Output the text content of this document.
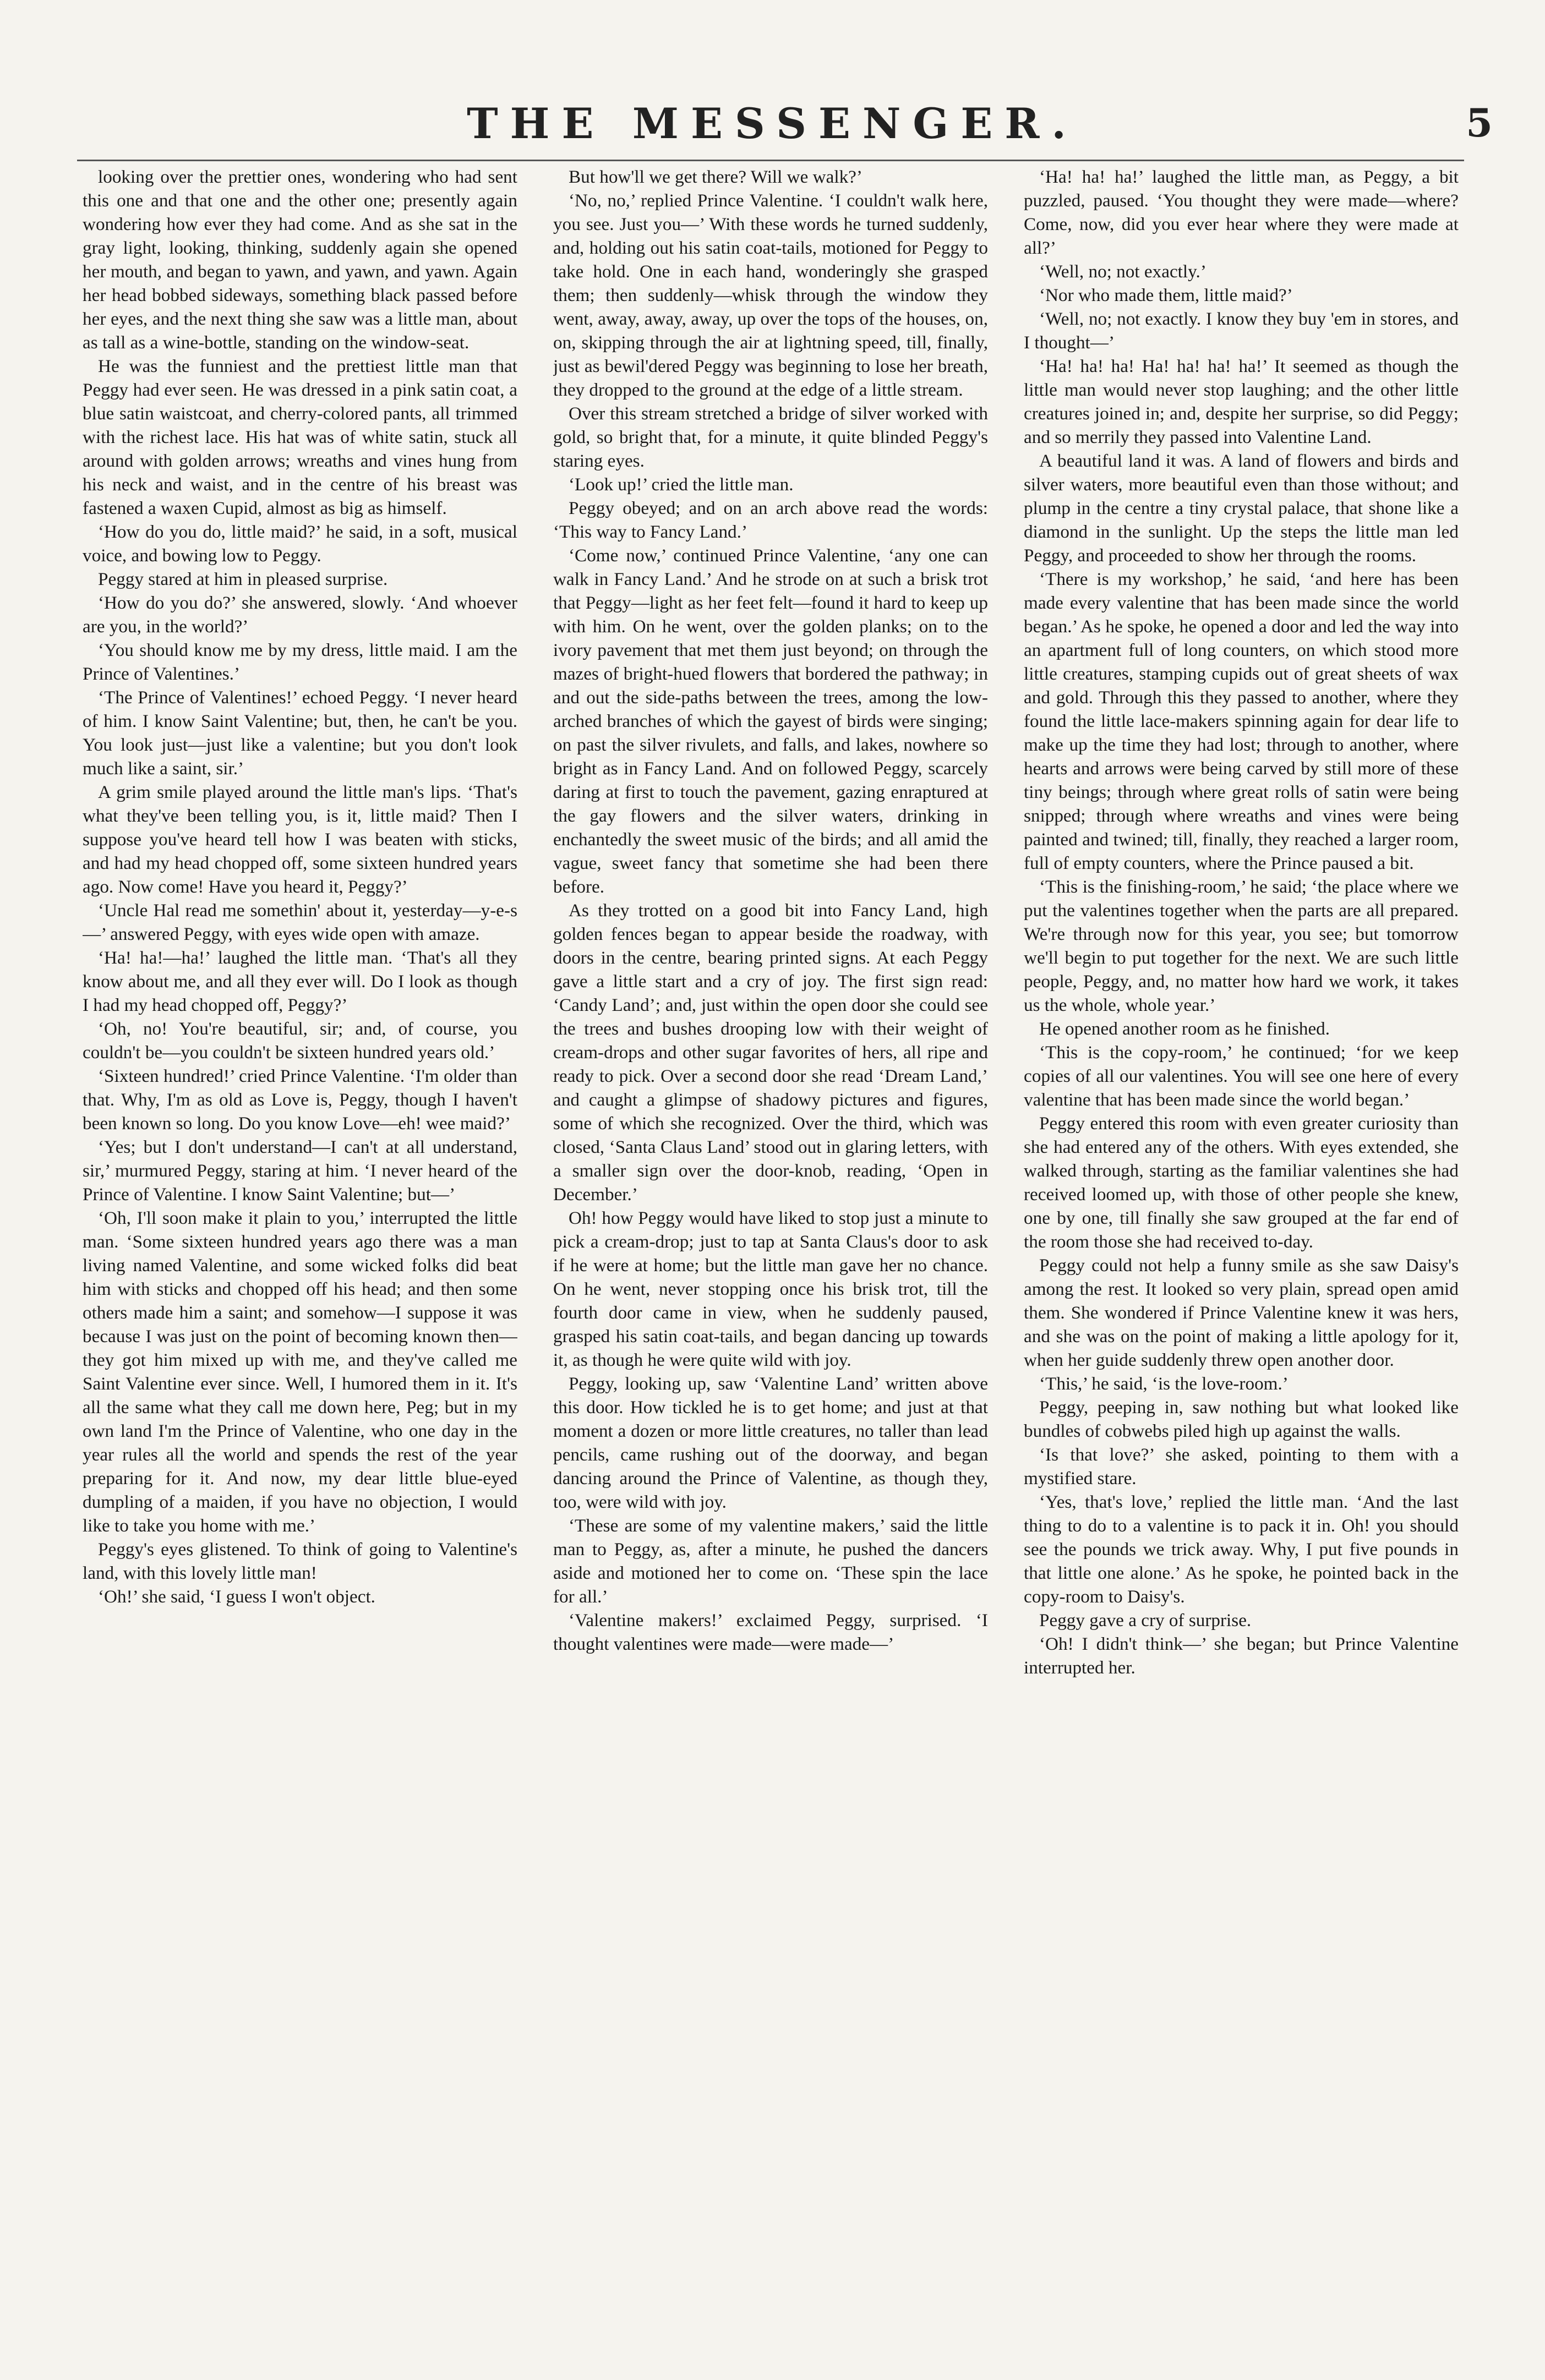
THE MESSENGER.	5

looking over the prettier ones, wondering who had sent this one and that one and the other one; presently again wondering how ever they had come. And as she sat in the gray light, looking, thinking, suddenly again she opened her mouth, and began to yawn, and yawn, and yawn. Again her head bobbed sideways, something black passed before her eyes, and the next thing she saw was a little man, about as tall as a wine-bottle, standing on the window-seat.

He was the funniest and the prettiest little man that Peggy had ever seen. He was dressed in a pink satin coat, a blue satin waistcoat, and cherry-colored pants, all trimmed with the richest lace. His hat was of white satin, stuck all around with golden arrows; wreaths and vines hung from his neck and waist, and in the centre of his breast was fastened a waxen Cupid, almost as big as himself.

‘How do you do, little maid?’ he said, in a soft, musical voice, and bowing low to Peggy.

Peggy stared at him in pleased surprise.

‘How do you do?’ she answered, slowly. ‘And whoever are you, in the world?’

‘You should know me by my dress, little maid. I am the Prince of Valentines.’

‘The Prince of Valentines!’ echoed Peggy. ‘I never heard of him. I know Saint Valentine; but, then, he can't be you. You look just—just like a valentine; but you don't look much like a saint, sir.’

A grim smile played around the little man's lips. ‘That's what they've been telling you, is it, little maid? Then I suppose you've heard tell how I was beaten with sticks, and had my head chopped off, some sixteen hundred years ago. Now come! Have you heard it, Peggy?’

‘Uncle Hal read me somethin' about it, yesterday—y-e-s—’ answered Peggy, with eyes wide open with amaze.

‘Ha! ha!—ha!’ laughed the little man. ‘That's all they know about me, and all they ever will. Do I look as though I had my head chopped off, Peggy?’

‘Oh, no! You're beautiful, sir; and, of course, you couldn't be—you couldn't be sixteen hundred years old.’

‘Sixteen hundred!’ cried Prince Valentine. ‘I'm older than that. Why, I'm as old as Love is, Peggy, though I haven't been known so long. Do you know Love—eh! wee maid?’

‘Yes; but I don't understand—I can't at all understand, sir,’ murmured Peggy, staring at him. ‘I never heard of the Prince of Valentine. I know Saint Valentine; but—’

‘Oh, I'll soon make it plain to you,’ interrupted the little man. ‘Some sixteen hundred years ago there was a man living named Valentine, and some wicked folks did beat him with sticks and chopped off his head; and then some others made him a saint; and somehow—I suppose it was because I was just on the point of becoming known then—they got him mixed up with me, and they've called me Saint Valentine ever since. Well, I humored them in it. It's all the same what they call me down here, Peg; but in my own land I'm the Prince of Valentine, who one day in the year rules all the world and spends the rest of the year preparing for it. And now, my dear little blue-eyed dumpling of a maiden, if you have no objection, I would like to take you home with me.’

Peggy's eyes glistened. To think of going to Valentine's land, with this lovely little man!

‘Oh!’ she said, ‘I guess I won't object.

But how'll we get there? Will we walk?’

‘No, no,’ replied Prince Valentine. ‘I couldn't walk here, you see. Just you—’ With these words he turned suddenly, and, holding out his satin coat-tails, motioned for Peggy to take hold. One in each hand, wonderingly she grasped them; then suddenly—whisk through the window they went, away, away, away, up over the tops of the houses, on, on, skipping through the air at lightning speed, till, finally, just as bewil'dered Peggy was beginning to lose her breath, they dropped to the ground at the edge of a little stream.

Over this stream stretched a bridge of silver worked with gold, so bright that, for a minute, it quite blinded Peggy's staring eyes.

‘Look up!’ cried the little man.

Peggy obeyed; and on an arch above read the words: ‘This way to Fancy Land.’

‘Come now,’ continued Prince Valentine, ‘any one can walk in Fancy Land.’ And he strode on at such a brisk trot that Peggy—light as her feet felt—found it hard to keep up with him. On he went, over the golden planks; on to the ivory pavement that met them just beyond; on through the mazes of bright-hued flowers that bordered the pathway; in and out the side-paths between the trees, among the low-arched branches of which the gayest of birds were singing; on past the silver rivulets, and falls, and lakes, nowhere so bright as in Fancy Land. And on followed Peggy, scarcely daring at first to touch the pavement, gazing enraptured at the gay flowers and the silver waters, drinking in enchantedly the sweet music of the birds; and all amid the vague, sweet fancy that sometime she had been there before.

As they trotted on a good bit into Fancy Land, high golden fences began to appear beside the roadway, with doors in the centre, bearing printed signs. At each Peggy gave a little start and a cry of joy. The first sign read: ‘Candy Land’; and, just within the open door she could see the trees and bushes drooping low with their weight of cream-drops and other sugar favorites of hers, all ripe and ready to pick. Over a second door she read ‘Dream Land,’ and caught a glimpse of shadowy pictures and figures, some of which she recognized. Over the third, which was closed, ‘Santa Claus Land’ stood out in glaring letters, with a smaller sign over the door-knob, reading, ‘Open in December.’

Oh! how Peggy would have liked to stop just a minute to pick a cream-drop; just to tap at Santa Claus's door to ask if he were at home; but the little man gave her no chance. On he went, never stopping once his brisk trot, till the fourth door came in view, when he suddenly paused, grasped his satin coat-tails, and began dancing up towards it, as though he were quite wild with joy.

Peggy, looking up, saw ‘Valentine Land’ written above this door. How tickled he is to get home; and just at that moment a dozen or more little creatures, no taller than lead pencils, came rushing out of the doorway, and began dancing around the Prince of Valentine, as though they, too, were wild with joy.

‘These are some of my valentine makers,’ said the little man to Peggy, as, after a minute, he pushed the dancers aside and motioned her to come on. ‘These spin the lace for all.’

‘Valentine makers!’ exclaimed Peggy, surprised. ‘I thought valentines were made—were made—’

‘Ha! ha! ha!’ laughed the little man, as Peggy, a bit puzzled, paused. ‘You thought they were made—where? Come, now, did you ever hear where they were made at all?’

‘Well, no; not exactly.’

‘Nor who made them, little maid?’

‘Well, no; not exactly. I know they buy 'em in stores, and I thought—’

‘Ha! ha! ha! Ha! ha! ha! ha!’ It seemed as though the little man would never stop laughing; and the other little creatures joined in; and, despite her surprise, so did Peggy; and so merrily they passed into Valentine Land.

A beautiful land it was. A land of flowers and birds and silver waters, more beautiful even than those without; and plump in the centre a tiny crystal palace, that shone like a diamond in the sunlight. Up the steps the little man led Peggy, and proceeded to show her through the rooms.

‘There is my workshop,’ he said, ‘and here has been made every valentine that has been made since the world began.’ As he spoke, he opened a door and led the way into an apartment full of long counters, on which stood more little creatures, stamping cupids out of great sheets of wax and gold. Through this they passed to another, where they found the little lace-makers spinning again for dear life to make up the time they had lost; through to another, where hearts and arrows were being carved by still more of these tiny beings; through where great rolls of satin were being snipped; through where wreaths and vines were being painted and twined; till, finally, they reached a larger room, full of empty counters, where the Prince paused a bit.

‘This is the finishing-room,’ he said; ‘the place where we put the valentines together when the parts are all prepared. We're through now for this year, you see; but tomorrow we'll begin to put together for the next. We are such little people, Peggy, and, no matter how hard we work, it takes us the whole, whole year.’

He opened another room as he finished.

‘This is the copy-room,’ he continued; ‘for we keep copies of all our valentines. You will see one here of every valentine that has been made since the world began.’

Peggy entered this room with even greater curiosity than she had entered any of the others. With eyes extended, she walked through, starting as the familiar valentines she had received loomed up, with those of other people she knew, one by one, till finally she saw grouped at the far end of the room those she had received to-day.

Peggy could not help a funny smile as she saw Daisy's among the rest. It looked so very plain, spread open amid them. She wondered if Prince Valentine knew it was hers, and she was on the point of making a little apology for it, when her guide suddenly threw open another door.

‘This,’ he said, ‘is the love-room.’

Peggy, peeping in, saw nothing but what looked like bundles of cobwebs piled high up against the walls.

‘Is that love?’ she asked, pointing to them with a mystified stare.

‘Yes, that's love,’ replied the little man. ‘And the last thing to do to a valentine is to pack it in. Oh! you should see the pounds we trick away. Why, I put five pounds in that little one alone.’ As he spoke, he pointed back in the copy-room to Daisy's.

Peggy gave a cry of surprise.

‘Oh! I didn't think—’ she began; but Prince Valentine interrupted her.
